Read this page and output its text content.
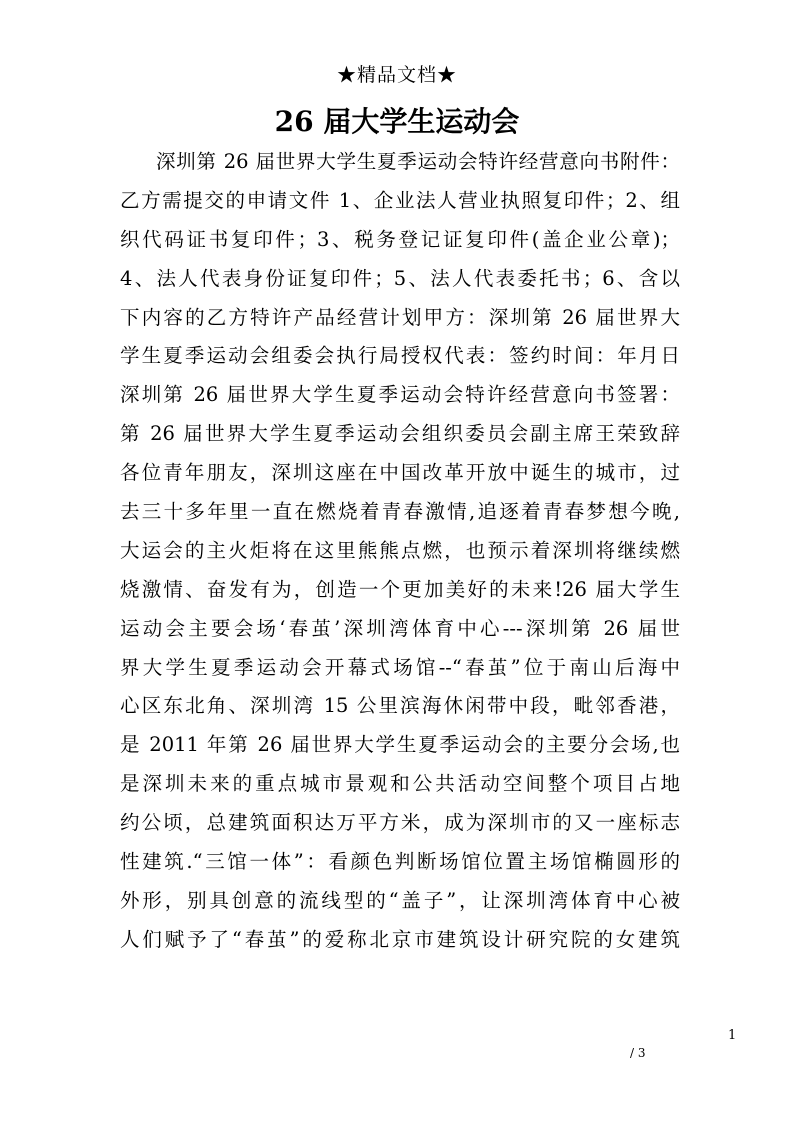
★精品文档★
26 届大学生运动会
深圳第 26 届世界大学生夏季运动会特许经营意向书附件：
乙方需提交的申请文件 1、企业法人营业执照复印件；2、组
织代码证书复印件；3、税务登记证复印件(盖企业公章)；
4、法人代表身份证复印件；5、法人代表委托书；6、含以
下内容的乙方特许产品经营计划甲方：深圳第 26 届世界大
学生夏季运动会组委会执行局授权代表：签约时间：年月日
深圳第 26 届世界大学生夏季运动会特许经营意向书签署：
第 26 届世界大学生夏季运动会组织委员会副主席王荣致辞
各位青年朋友，深圳这座在中国改革开放中诞生的城市，过
去三十多年里一直在燃烧着青春激情,追逐着青春梦想今晚,
大运会的主火炬将在这里熊熊点燃，也预示着深圳将继续燃
烧激情、奋发有为，创造一个更加美好的未来!26 届大学生
运动会主要会场‘春茧’深圳湾体育中心---深圳第 26 届世
界大学生夏季运动会开幕式场馆--“春茧”位于南山后海中
心区东北角、深圳湾 15 公里滨海休闲带中段，毗邻香港，
是 2011 年第 26 届世界大学生夏季运动会的主要分会场,也
是深圳未来的重点城市景观和公共活动空间整个项目占地
约公顷，总建筑面积达万平方米，成为深圳市的又一座标志
性建筑.“三馆一体”：看颜色判断场馆位置主场馆椭圆形的
外形，别具创意的流线型的“盖子”，让深圳湾体育中心被
人们赋予了“春茧”的爱称北京市建筑设计研究院的女建筑
1
/ 3
